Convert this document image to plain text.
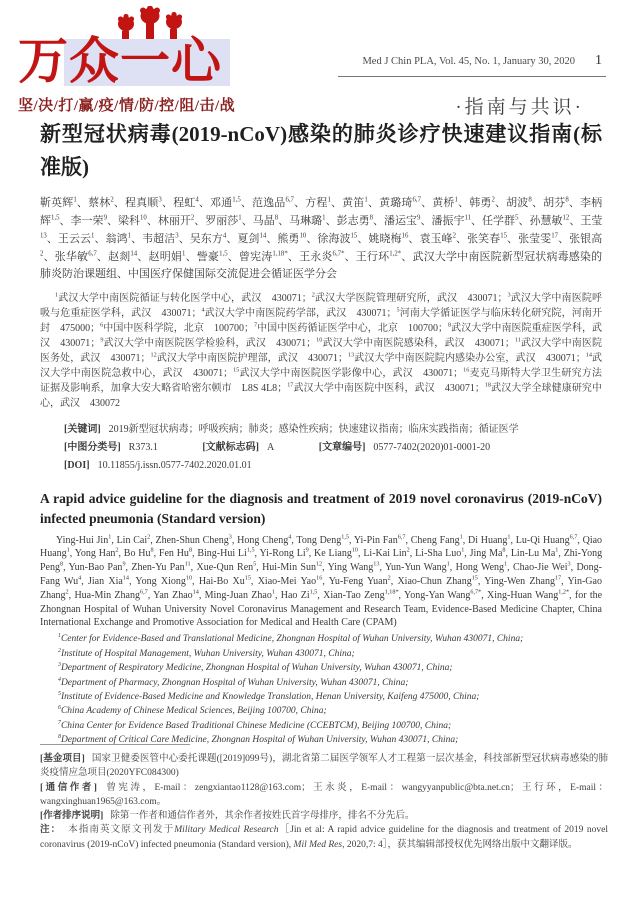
万众一心
坚/决/打/赢/疫/情/防/控/阻/击/战
Med J Chin PLA, Vol. 45, No. 1, January 30, 2020 1
·指南与共识·
新型冠状病毒(2019-nCoV)感染的肺炎诊疗快速建议指南(标准版)
靳英辉$^1$、蔡林$^2$、程真顺$^3$、程虹$^4$、邓通$^{1,5}$、范逸品$^{6,7}$、方程$^1$、黄笛$^1$、黄璐琦$^{6,7}$、黄桥$^1$、韩勇$^2$、胡波$^8$、胡芬$^8$、李柄辉$^{1,5}$、李一荣$^9$、梁科$^{10}$、林丽开$^2$、罗丽莎$^1$、马晶$^8$、马琳璐$^1$、彭志勇$^8$、潘运宝$^9$、潘振宇$^{11}$、任学群$^5$、孙慧敏$^{12}$、王莹$^{13}$、王云云$^1$、翁鸿$^1$、韦超洁$^3$、吴东方$^4$、夏剑$^{14}$、熊勇$^{10}$、徐海波$^{15}$、姚晓梅$^{16}$、袁玉峰$^2$、张笑春$^{15}$、张莹雯$^{17}$、张银高$^2$、张华敏$^{6,7}$、赵剡$^{14}$、赵明娟$^1$、訾豪$^{1,5}$、曾宪涛$^{1,18*}$、王永炎$^{6,7*}$、王行环$^{1,2*}$、武汉大学中南医院新型冠状病毒感染的肺炎防治课题组、中国医疗保健国际交流促进会循证医学分会
$^1$武汉大学中南医院循证与转化医学中心，武汉　430071；$^2$武汉大学医院管理研究所，武汉　430071；$^3$武汉大学中南医院呼吸与危重症医学科，武汉　430071；$^4$武汉大学中南医院药学部，武汉　430071；$^5$河南大学循证医学与临床转化研究院，河南开封　475000；$^6$中国中医科学院，北京　100700；$^7$中国中医药循证医学中心，北京　100700；$^8$武汉大学中南医院重症医学科，武汉　430071；$^9$武汉大学中南医院医学检验科，武汉　430071；$^{10}$武汉大学中南医院感染科，武汉　430071；$^{11}$武汉大学中南医院医务处，武汉　430071；$^{12}$武汉大学中南医院护理部，武汉　430071；$^{13}$武汉大学中南医院院内感染办公室，武汉　430071；$^{14}$武汉大学中南医院急救中心，武汉　430071；$^{15}$武汉大学中南医院医学影像中心，武汉　430071；$^{16}$麦克马斯特大学卫生研究方法证据及影响系，加拿大安大略省哈密尔顿市　L8S 4L8；$^{17}$武汉大学中南医院中医科，武汉　430071；$^{18}$武汉大学全球健康研究中心，武汉　430072
[关键词] 2019新型冠状病毒；呼吸疾病；肺炎；感染性疾病；快速建议指南；临床实践指南；循证医学
[中图分类号] R373.1	[文献标志码] A	[文章编号] 0577-7402(2020)01-0001-20
[DOI] 10.11855/j.issn.0577-7402.2020.01.01
A rapid advice guideline for the diagnosis and treatment of 2019 novel coronavirus (2019-nCoV) infected pneumonia (Standard version)
Ying-Hui Jin$^1$, Lin Cai$^2$, Zhen-Shun Cheng$^3$, Hong Cheng$^4$, Tong Deng$^{1,5}$, Yi-Pin Fan$^{6,7}$, Cheng Fang$^1$, Di Huang$^1$, Lu-Qi Huang$^{6,7}$, Qiao Huang$^1$, Yong Han$^2$, Bo Hu$^8$, Fen Hu$^8$, Bing-Hui Li$^{1,5}$, Yi-Rong Li$^9$, Ke Liang$^{10}$, Li-Kai Lin$^2$, Li-Sha Luo$^1$, Jing Ma$^8$, Lin-Lu Ma$^1$, Zhi-Yong Peng$^8$, Yun-Bao Pan$^9$, Zhen-Yu Pan$^{11}$, Xue-Qun Ren$^5$, Hui-Min Sun$^{12}$, Ying Wang$^{13}$, Yun-Yun Wang$^1$, Hong Weng$^1$, Chao-Jie Wei$^3$, Dong-Fang Wu$^4$, Jian Xia$^{14}$, Yong Xiong$^{10}$, Hai-Bo Xu$^{15}$, Xiao-Mei Yao$^{16}$, Yu-Feng Yuan$^2$, Xiao-Chun Zhang$^{15}$, Ying-Wen Zhang$^{17}$, Yin-Gao Zhang$^2$, Hua-Min Zhang$^{6,7}$, Yan Zhao$^{14}$, Ming-Juan Zhao$^1$, Hao Zi$^{1,5}$, Xian-Tao Zeng$^{1,18*}$, Yong-Yan Wang$^{6,7*}$, Xing-Huan Wang$^{1,2*}$, for the Zhongnan Hospital of Wuhan University Novel Coronavirus Management and Research Team, Evidence-Based Medicine Chapter, China International Exchange and Promotive Association for Medical and Health Care (CPAM)
$^1$Center for Evidence-Based and Translational Medicine, Zhongnan Hospital of Wuhan University, Wuhan 430071, China;
$^2$Institute of Hospital Management, Wuhan University, Wuhan 430071, China;
$^3$Department of Respiratory Medicine, Zhongnan Hospital of Wuhan University, Wuhan 430071, China;
$^4$Department of Pharmacy, Zhongnan Hospital of Wuhan University, Wuhan 430071, China;
$^5$Institute of Evidence-Based Medicine and Knowledge Translation, Henan University, Kaifeng 475000, China;
$^6$China Academy of Chinese Medical Sciences, Beijing 100700, China;
$^7$China Center for Evidence Based Traditional Chinese Medicine (CCEBTCM), Beijing 100700, China;
$^8$Department of Critical Care Medicine, Zhongnan Hospital of Wuhan University, Wuhan 430071, China;
[基金项目] 国家卫健委医管中心委托课题([2019]099号)，湖北省第二届医学领军人才工程第一层次基金，科技部新型冠状病毒感染的肺炎疫情应急项目(2020YFC084300)
[通信作者] 曾宪涛，E-mail：zengxiantao1128@163.com；王永炎，E-mail：wangyyanpublic@bta.net.cn；王行环，E-mail：wangxinghuan1965@163.com。
[作者排序说明] 除第一作者和通信作者外，其余作者按姓氏首字母排序，排名不分先后。
注： 本指南英文原文刊发于Military Medical Research［Jin et al: A rapid advice guideline for the diagnosis and treatment of 2019 novel coronavirus (2019-nCoV) infected pneumonia (Standard version), Mil Med Res, 2020,7: 4］，获其编辑部授权优先网络出版中文翻译版。
